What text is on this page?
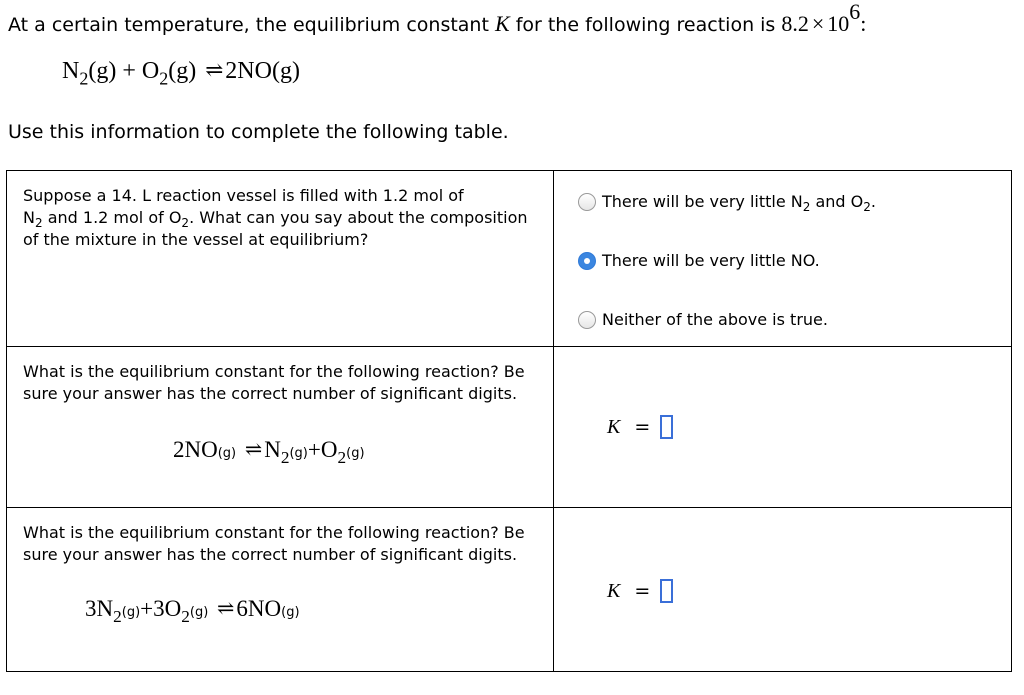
At a certain temperature, the equilibrium constant K for the following reaction is $8.2 \times 10^6$:
$N_2(g) + O_2(g)$ ⇌ 2NO(g)
Use this information to complete the following table.

Suppose a 14. L reaction vessel is filled with 1.2 mol of
$N_2$ and 1.2 mol of $O_2$. What can you say about the composition of the mixture in the vessel at equilibrium?

There will be very little $N_2$ and $O_2$.
There will be very little NO.
Neither of the above is true.

What is the equilibrium constant for the following reaction? Be sure your answer has the correct number of significant digits.

2NO(g) ⇌ $N_2(g)+O_2(g)$
K =

What is the equilibrium constant for the following reaction? Be sure your answer has the correct number of significant digits.

$3N_2(g)+3O_2(g)$ ⇌ 6NO(g)
K =
